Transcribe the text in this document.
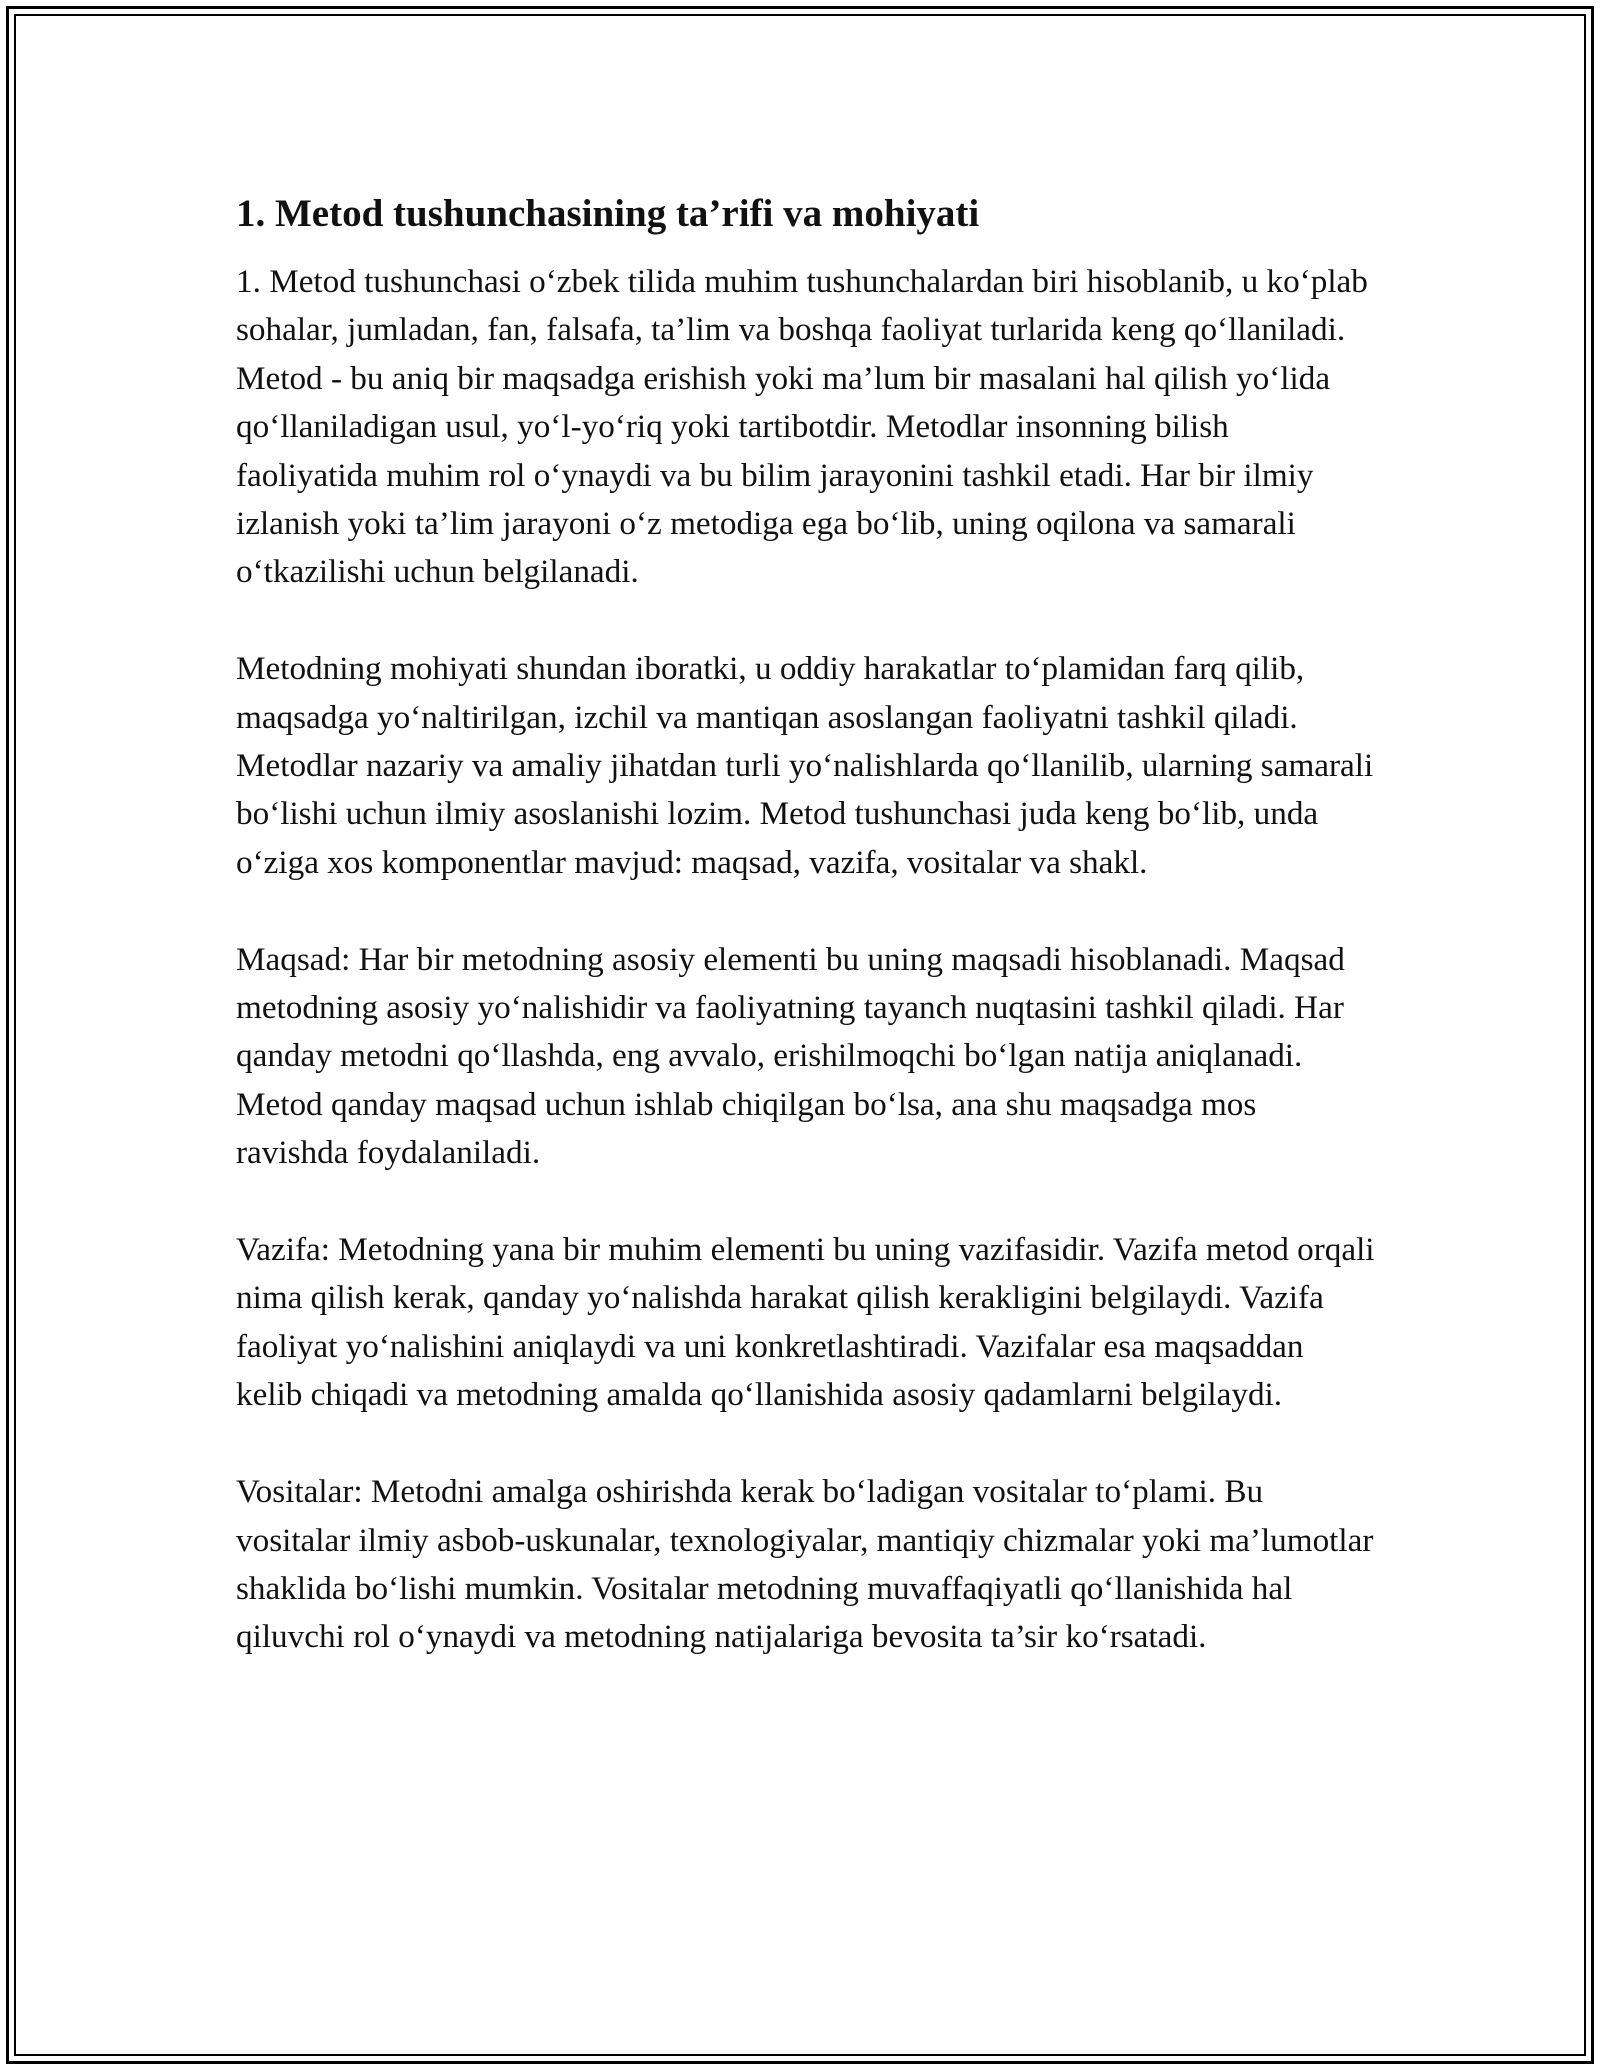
1. Metod tushunchasining ta’rifi va mohiyati

1. Metod tushunchasi o‘zbek tilida muhim tushunchalardan biri hisoblanib, u ko‘plab sohalar, jumladan, fan, falsafa, ta’lim va boshqa faoliyat turlarida keng qo‘llaniladi. Metod - bu aniq bir maqsadga erishish yoki ma’lum bir masalani hal qilish yo‘lida qo‘llaniladigan usul, yo‘l-yo‘riq yoki tartibotdir. Metodlar insonning bilish faoliyatida muhim rol o‘ynaydi va bu bilim jarayonini tashkil etadi. Har bir ilmiy izlanish yoki ta’lim jarayoni o‘z metodiga ega bo‘lib, uning oqilona va samarali o‘tkazilishi uchun belgilanadi.

Metodning mohiyati shundan iboratki, u oddiy harakatlar to‘plamidan farq qilib, maqsadga yo‘naltirilgan, izchil va mantiqan asoslangan faoliyatni tashkil qiladi. Metodlar nazariy va amaliy jihatdan turli yo‘nalishlarda qo‘llanilib, ularning samarali bo‘lishi uchun ilmiy asoslanishi lozim. Metod tushunchasi juda keng bo‘lib, unda o‘ziga xos komponentlar mavjud: maqsad, vazifa, vositalar va shakl.

Maqsad: Har bir metodning asosiy elementi bu uning maqsadi hisoblanadi. Maqsad metodning asosiy yo‘nalishidir va faoliyatning tayanch nuqtasini tashkil qiladi. Har qanday metodni qo‘llashda, eng avvalo, erishilmoqchi bo‘lgan natija aniqlanadi. Metod qanday maqsad uchun ishlab chiqilgan bo‘lsa, ana shu maqsadga mos ravishda foydalaniladi.

Vazifa: Metodning yana bir muhim elementi bu uning vazifasidir. Vazifa metod orqali nima qilish kerak, qanday yo‘nalishda harakat qilish kerakligini belgilaydi. Vazifa faoliyat yo‘nalishini aniqlaydi va uni konkretlashtiradi. Vazifalar esa maqsaddan kelib chiqadi va metodning amalda qo‘llanishida asosiy qadamlarni belgilaydi.

Vositalar: Metodni amalga oshirishda kerak bo‘ladigan vositalar to‘plami. Bu vositalar ilmiy asbob-uskunalar, texnologiyalar, mantiqiy chizmalar yoki ma’lumotlar shaklida bo‘lishi mumkin. Vositalar metodning muvaffaqiyatli qo‘llanishida hal qiluvchi rol o‘ynaydi va metodning natijalariga bevosita ta’sir ko‘rsatadi.
